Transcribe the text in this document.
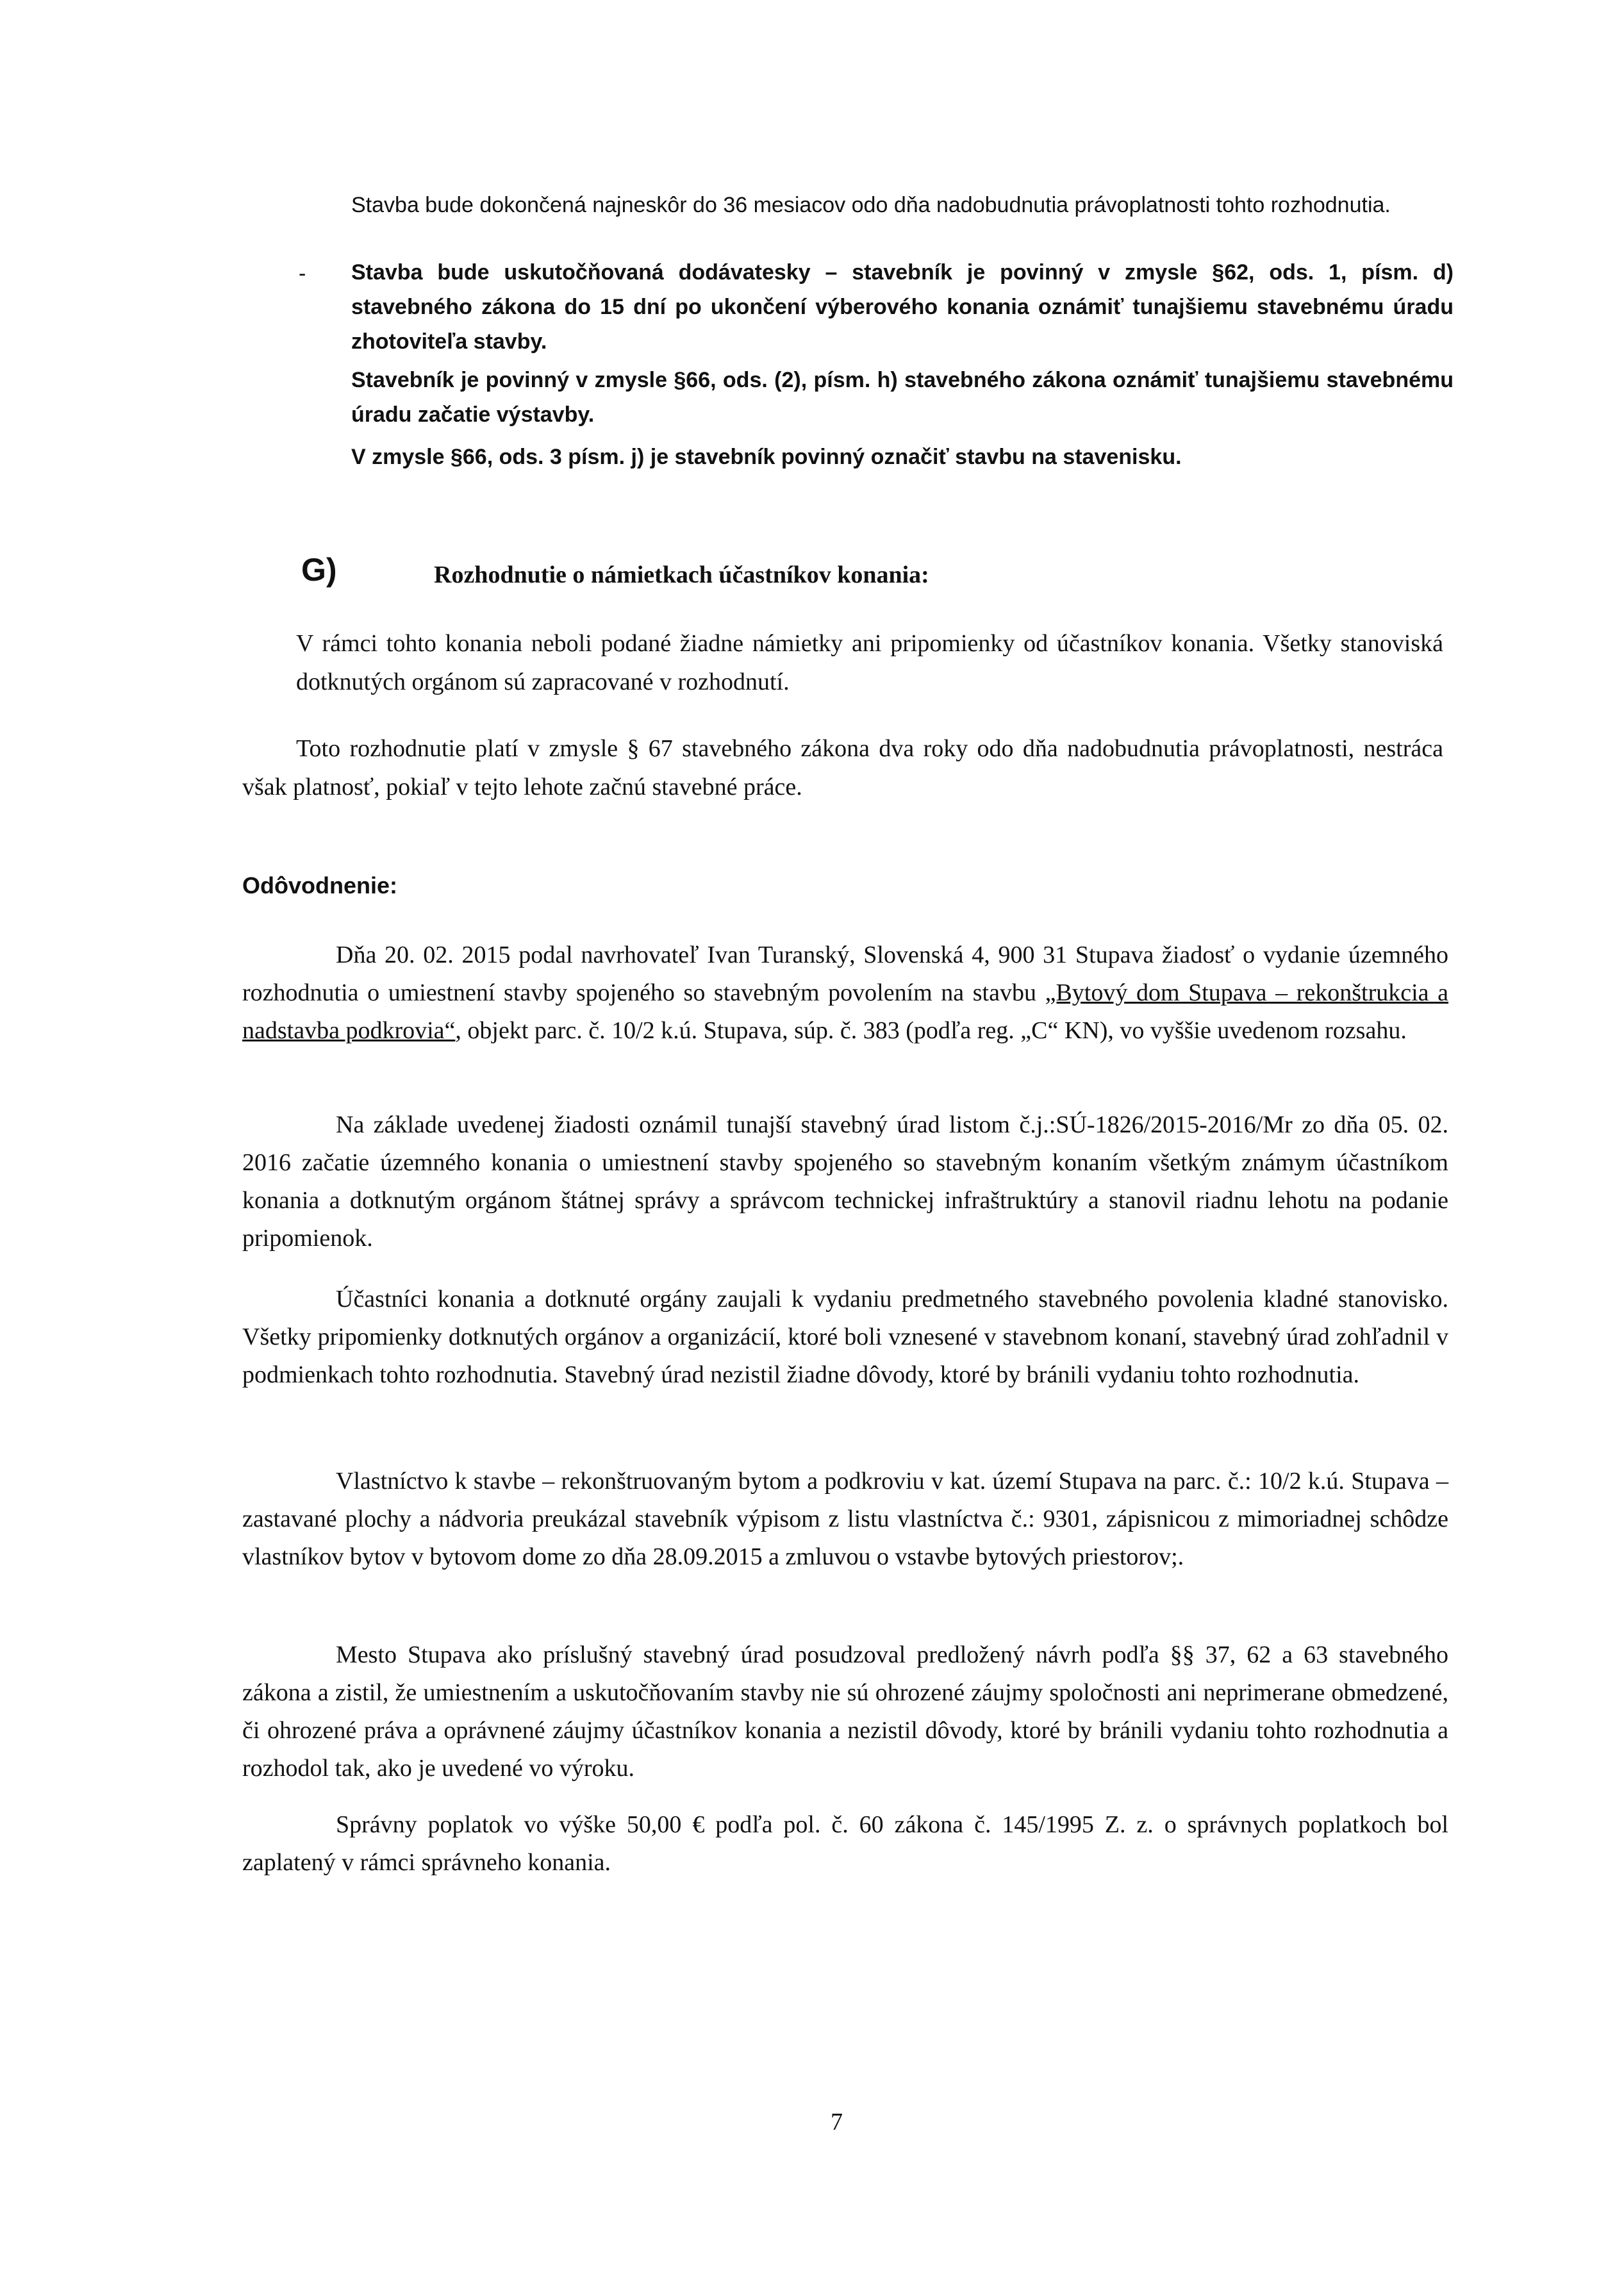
Stavba bude dokončená najneskôr do 36 mesiacov odo dňa nadobudnutia právoplatnosti tohto rozhodnutia.

- Stavba bude uskutočňovaná dodávatesky – stavebník je povinný v zmysle §62, ods. 1, písm. d) stavebného zákona do 15 dní po ukončení výberového konania oznámiť tunajšiemu stavebnému úradu zhotoviteľa stavby.

Stavebník je povinný v zmysle §66, ods. (2), písm. h) stavebného zákona oznámiť tunajšiemu stavebnému úradu začatie výstavby.

V zmysle §66, ods. 3 písm. j) je stavebník povinný označiť stavbu na stavenisku.

G)	Rozhodnutie o námietkach účastníkov konania:

V rámci tohto konania neboli podané žiadne námietky ani pripomienky od účastníkov konania. Všetky stanoviská dotknutých orgánom sú zapracované v rozhodnutí.

Toto rozhodnutie platí v zmysle § 67 stavebného zákona dva roky odo dňa nadobudnutia právoplatnosti, nestráca však platnosť, pokiaľ v tejto lehote začnú stavebné práce.

Odôvodnenie:

Dňa 20. 02. 2015 podal navrhovateľ Ivan Turanský, Slovenská 4, 900 31 Stupava žiadosť o vydanie územného rozhodnutia o umiestnení stavby spojeného so stavebným povolením na stavbu „Bytový dom Stupava – rekonštrukcia a nadstavba podkrovia“, objekt parc. č. 10/2 k.ú. Stupava, súp. č. 383 (podľa reg. „C“ KN), vo vyššie uvedenom rozsahu.

Na základe uvedenej žiadosti oznámil tunajší stavebný úrad listom č.j.:SÚ-1826/2015-2016/Mr zo dňa 05. 02. 2016 začatie územného konania o umiestnení stavby spojeného so stavebným konaním všetkým známym účastníkom konania a dotknutým orgánom štátnej správy a správcom technickej infraštruktúry a stanovil riadnu lehotu na podanie pripomienok.

Účastníci konania a dotknuté orgány zaujali k vydaniu predmetného stavebného povolenia kladné stanovisko. Všetky pripomienky dotknutých orgánov a organizácií, ktoré boli vznesené v stavebnom konaní, stavebný úrad zohľadnil v podmienkach tohto rozhodnutia. Stavebný úrad nezistil žiadne dôvody, ktoré by bránili vydaniu tohto rozhodnutia.

Vlastníctvo k stavbe – rekonštruovaným bytom a podkroviu v kat. území Stupava na parc. č.: 10/2 k.ú. Stupava – zastavané plochy a nádvoria preukázal stavebník výpisom z listu vlastníctva č.: 9301, zápisnicou z mimoriadnej schôdze vlastníkov bytov v bytovom dome zo dňa 28.09.2015 a zmluvou o vstavbe bytových priestorov;.

Mesto Stupava ako príslušný stavebný úrad posudzoval predložený návrh podľa §§ 37, 62 a 63 stavebného zákona a zistil, že umiestnením a uskutočňovaním stavby nie sú ohrozené záujmy spoločnosti ani neprimerane obmedzené, či ohrozené práva a oprávnené záujmy účastníkov konania a nezistil dôvody, ktoré by bránili vydaniu tohto rozhodnutia a rozhodol tak, ako je uvedené vo výroku.

Správny poplatok vo výške 50,00 € podľa pol. č. 60 zákona č. 145/1995 Z. z. o správnych poplatkoch bol zaplatený v rámci správneho konania.

7
